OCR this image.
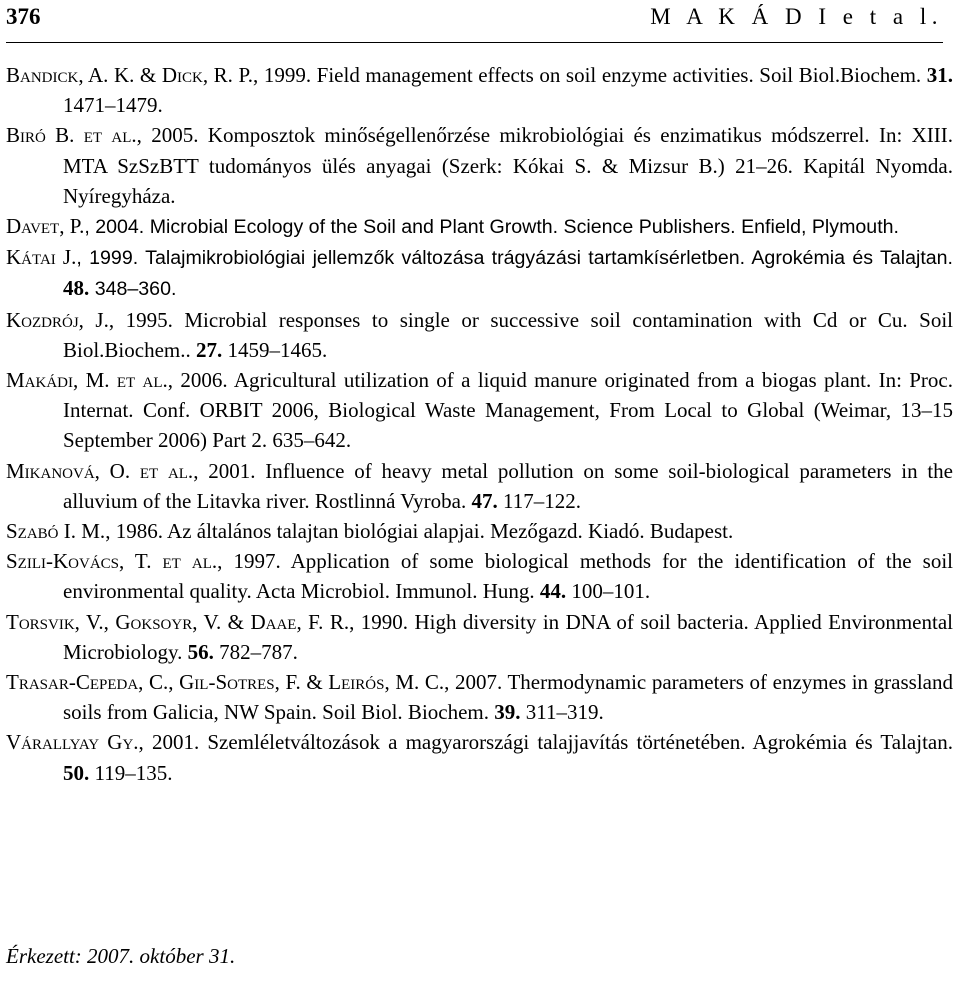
376	M A K Á D I e t a l.

Bandick, A. K. & Dick, R. P., 1999. Field management effects on soil enzyme activities. Soil Biol.Biochem. 31. 1471–1479.

Biró B. et al., 2005. Komposztok minőségellenőrzése mikrobiológiai és enzimatikus módszerrel. In: XIII. MTA SzSzBTT tudományos ülés anyagai (Szerk: Kókai S. & Mizsur B.) 21–26. Kapitál Nyomda. Nyíregyháza.

Davet, P., 2004. Microbial Ecology of the Soil and Plant Growth. Science Publishers. Enfield, Plymouth.

Kátai J., 1999. Talajmikrobiológiai jellemzők változása trágyázási tartamkísérletben. Agrokémia és Talajtan. 48. 348–360.

Kozdrój, J., 1995. Microbial responses to single or successive soil contamination with Cd or Cu. Soil Biol.Biochem.. 27. 1459–1465.

Makádi, M. et al., 2006. Agricultural utilization of a liquid manure originated from a biogas plant. In: Proc. Internat. Conf. ORBIT 2006, Biological Waste Management, From Local to Global (Weimar, 13–15 September 2006) Part 2. 635–642.

Mikanová, O. et al., 2001. Influence of heavy metal pollution on some soil-biological parameters in the alluvium of the Litavka river. Rostlinná Vyroba. 47. 117–122.

Szabó I. M., 1986. Az általános talajtan biológiai alapjai. Mezőgazd. Kiadó. Budapest.

Szili-Kovács, T. et al., 1997. Application of some biological methods for the identification of the soil environmental quality. Acta Microbiol. Immunol. Hung. 44. 100–101.

Torsvik, V., Goksoyr, V. & Daae, F. R., 1990. High diversity in DNA of soil bacteria. Applied Environmental Microbiology. 56. 782–787.

Trasar-Cepeda, C., Gil-Sotres, F. & Leirós, M. C., 2007. Thermodynamic parameters of enzymes in grassland soils from Galicia, NW Spain. Soil Biol. Biochem. 39. 311–319.

Várallyay Gy., 2001. Szemléletváltozások a magyarországi talajjavítás történetében. Agrokémia és Talajtan. 50. 119–135.

Érkezett: 2007. október 31.
